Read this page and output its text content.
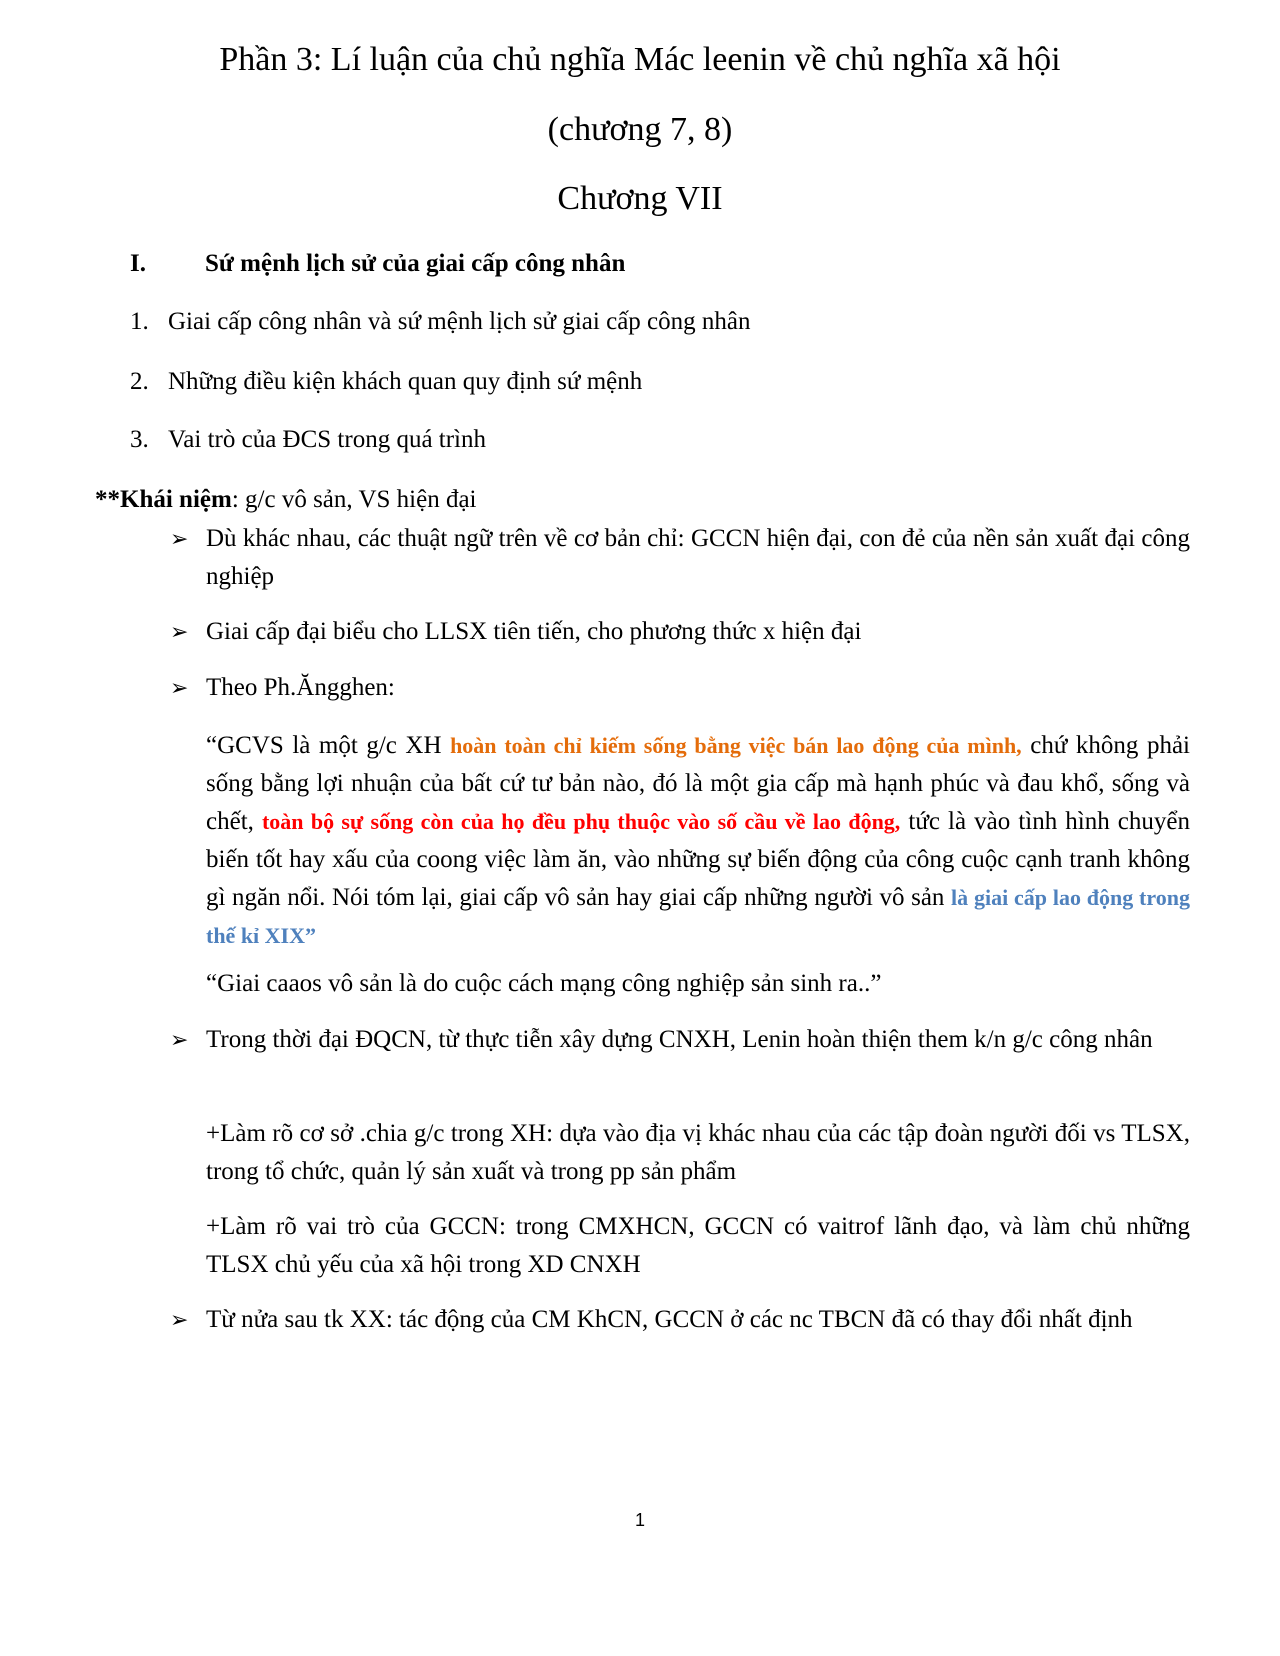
Phần 3: Lí luận của chủ nghĩa Mác leenin về chủ nghĩa xã hội
(chương 7, 8)
Chương VII
I. Sứ mệnh lịch sử của giai cấp công nhân
1. Giai cấp công nhân và sứ mệnh lịch sử giai cấp công nhân
2. Những điều kiện khách quan quy định sứ mệnh
3. Vai trò của ĐCS trong quá trình
**Khái niệm: g/c vô sản, VS hiện đại
➢ Dù khác nhau, các thuật ngữ trên về cơ bản chỉ: GCCN hiện đại, con đẻ của nền sản xuất đại công nghiệp
➢ Giai cấp đại biểu cho LLSX tiên tiến, cho phương thức x hiện đại
➢ Theo Ph.Ăngghen:
“GCVS là một g/c XH hoàn toàn chỉ kiếm sống bằng việc bán lao động của mình, chứ không phải sống bằng lợi nhuận của bất cứ tư bản nào, đó là một gia cấp mà hạnh phúc và đau khổ, sống và chết, toàn bộ sự sống còn của họ đều phụ thuộc vào số cầu về lao động, tức là vào tình hình chuyển biến tốt hay xấu của coong việc làm ăn, vào những sự biến động của công cuộc cạnh tranh không gì ngăn nổi. Nói tóm lại, giai cấp vô sản hay giai cấp những người vô sản là giai cấp lao động trong thế kỉ XIX”
“Giai caaos vô sản là do cuộc cách mạng công nghiệp sản sinh ra..”
➢ Trong thời đại ĐQCN, từ thực tiễn xây dựng CNXH, Lenin hoàn thiện them k/n g/c công nhân
+Làm rõ cơ sở .chia g/c trong XH: dựa vào địa vị khác nhau của các tập đoàn người đối vs TLSX, trong tổ chức, quản lý sản xuất và trong pp sản phẩm
+Làm rõ vai trò của GCCN: trong CMXHCN, GCCN có vaitrof lãnh đạo, và làm chủ những TLSX chủ yếu của xã hội trong XD CNXH
➢ Từ nửa sau tk XX: tác động của CM KhCN, GCCN ở các nc TBCN đã có thay đổi nhất định
1
